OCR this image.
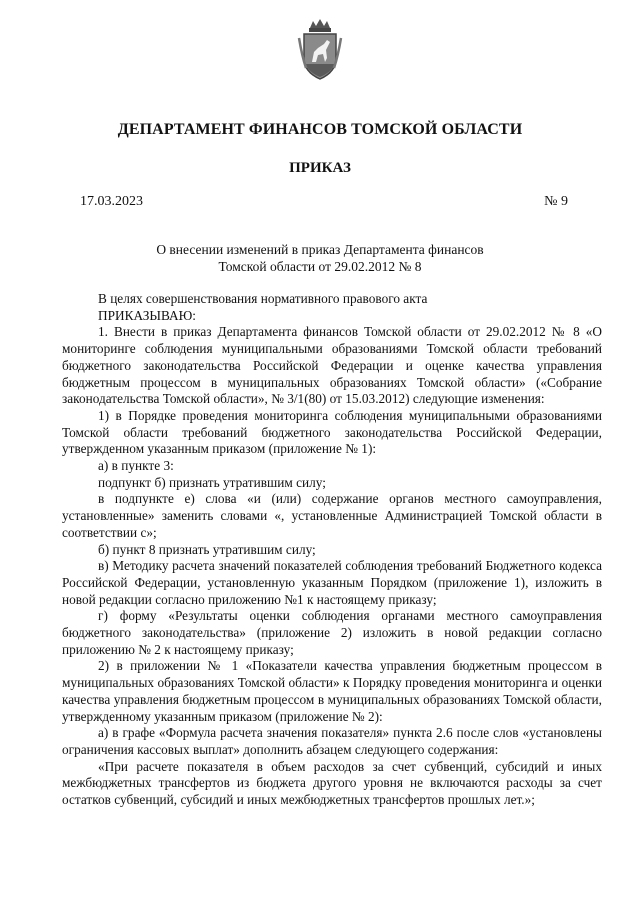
ДЕПАРТАМЕНТ ФИНАНСОВ ТОМСКОЙ ОБЛАСТИ
ПРИКАЗ
17.03.2023	№ 9
О внесении изменений в приказ Департамента финансов
Томской области от 29.02.2012 № 8

В целях совершенствования нормативного правового акта

ПРИКАЗЫВАЮ:

1. Внести в приказ Департамента финансов Томской области от 29.02.2012 № 8 «О мониторинге соблюдения муниципальными образованиями Томской области требований бюджетного законодательства Российской Федерации и оценке качества управления бюджетным процессом в муниципальных образованиях Томской области» («Собрание законодательства Томской области», № 3/1(80) от 15.03.2012) следующие изменения:

1) в Порядке проведения мониторинга соблюдения муниципальными образованиями Томской области требований бюджетного законодательства Российской Федерации, утвержденном указанным приказом (приложение № 1):

а) в пункте 3:

подпункт б) признать утратившим силу;

в подпункте е) слова «и (или) содержание органов местного самоуправления, установленные» заменить словами «, установленные Администрацией Томской области в соответствии с»;

б) пункт 8 признать утратившим силу;

в) Методику расчета значений показателей соблюдения требований Бюджетного кодекса Российской Федерации, установленную указанным Порядком (приложение 1), изложить в новой редакции согласно приложению №1 к настоящему приказу;

г) форму «Результаты оценки соблюдения органами местного самоуправления бюджетного законодательства» (приложение 2) изложить в новой редакции согласно приложению № 2 к настоящему приказу;

2) в приложении № 1 «Показатели качества управления бюджетным процессом в муниципальных образованиях Томской области» к Порядку проведения мониторинга и оценки качества управления бюджетным процессом в муниципальных образованиях Томской области, утвержденному указанным приказом (приложение № 2):

а) в графе «Формула расчета значения показателя» пункта 2.6 после слов «установлены ограничения кассовых выплат» дополнить абзацем следующего содержания:

«При расчете показателя в объем расходов за счет субвенций, субсидий и иных межбюджетных трансфертов из бюджета другого уровня не включаются расходы за счет остатков субвенций, субсидий и иных межбюджетных трансфертов прошлых лет.»;
